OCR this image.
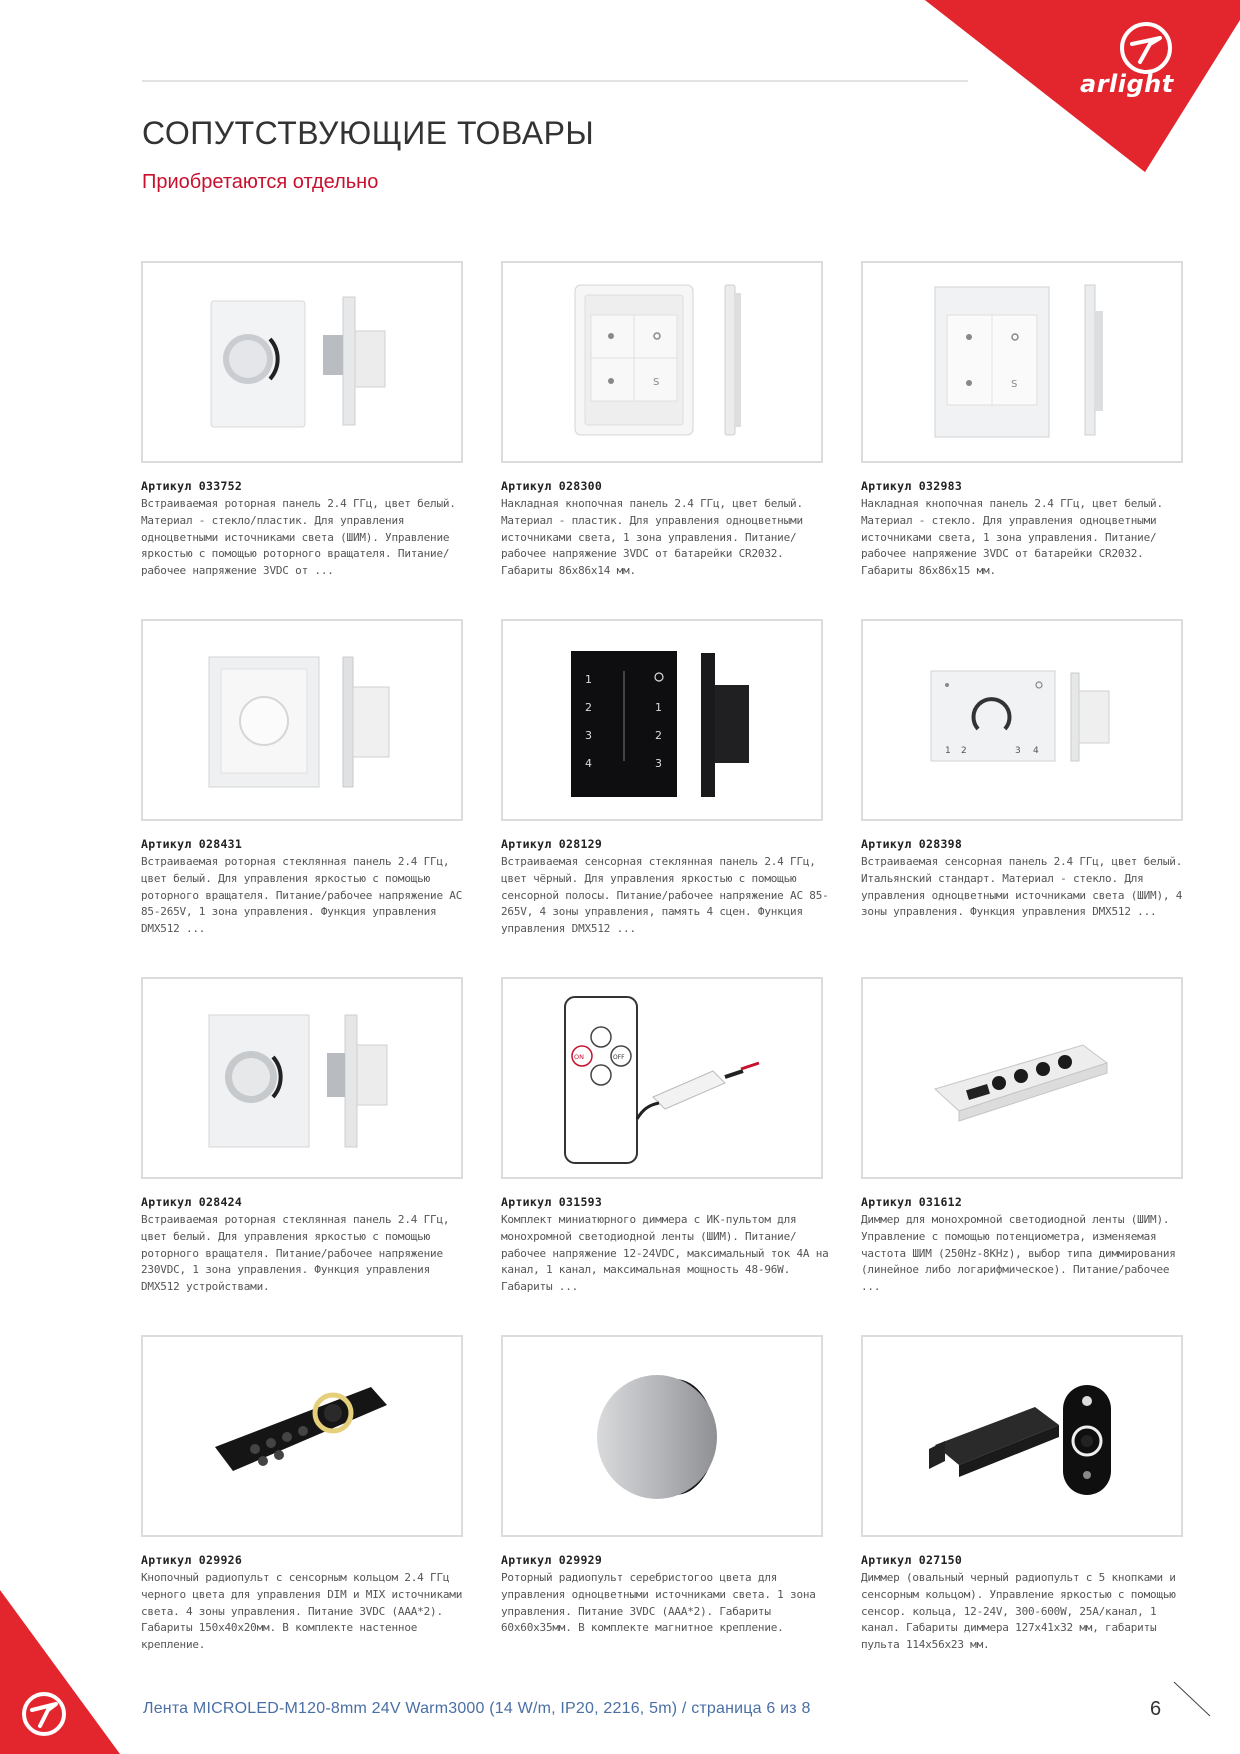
arlight
СОПУТСТВУЮЩИЕ ТОВАРЫ
Приобретаются отдельно
Артикул 033752
Встраиваемая роторная панель 2.4 ГГц, цвет белый. Материал - стекло/пластик. Для управления одноцветными источниками света (ШИМ). Управление яркостью с помощью роторного вращателя. Питание/рабочее напряжение 3VDC от ...
S
Артикул 028300
Накладная кнопочная панель 2.4 ГГц, цвет белый. Материал - пластик. Для управления одноцветными источниками света, 1 зона управления. Питание/рабочее напряжение 3VDC от батарейки CR2032. Габариты 86x86x14 мм.
S
Артикул 032983
Накладная кнопочная панель 2.4 ГГц, цвет белый. Материал - стекло. Для управления одноцветными источниками света, 1 зона управления. Питание/рабочее напряжение 3VDC от батарейки CR2032. Габариты 86x86x15 мм.
Артикул 028431
Встраиваемая роторная стеклянная панель 2.4 ГГц, цвет белый. Для управления яркостью с помощью роторного вращателя. Питание/рабочее напряжение AC 85-265V, 1 зона управления. Функция управления DMX512 ...
1
2
3
4
1
2
3
Артикул 028129
Встраиваемая сенсорная стеклянная панель 2.4 ГГц, цвет чёрный. Для управления яркостью с помощью сенсорной полосы. Питание/рабочее напряжение AC 85-265V, 4 зоны управления, память 4 сцен. Функция управления DMX512 ...
1 2	3 4
Артикул 028398
Встраиваемая сенсорная панель 2.4 ГГц, цвет белый. Итальянский стандарт. Материал - стекло. Для управления одноцветными источниками света (ШИМ), 4 зоны управления. Функция управления DMX512 ...
Артикул 028424
Встраиваемая роторная стеклянная панель 2.4 ГГц, цвет белый. Для управления яркостью с помощью роторного вращателя. Питание/рабочее напряжение 230VDC, 1 зона управления. Функция управления DMX512 устройствами.
ON	OFF
Артикул 031593
Комплект миниатюрного диммера с ИК-пультом для монохромной светодиодной ленты (ШИМ). Питание/рабочее напряжение 12-24VDC, максимальный ток 4A на канал, 1 канал, максимальная мощность 48-96W. Габариты ...
Артикул 031612
Диммер для монохромной светодиодной ленты (ШИМ). Управление с помощью потенциометра, изменяемая частота ШИМ (250Hz-8KHz), выбор типа диммирования (линейное либо логарифмическое). Питание/рабочее ...
Артикул 029926
Кнопочный радиопульт с сенсорным кольцом 2.4 ГГц черного цвета для управления DIM и MIX источниками света. 4 зоны управления. Питание 3VDC (AAA*2). Габариты 150x40x20мм. В комплекте настенное крепление.
Артикул 029929
Роторный радиопульт серебристогоо цвета для управления одноцветными источниками света. 1 зона управления. Питание 3VDC (AAA*2). Габариты 60x60x35мм. В комплекте магнитное крепление.
Артикул 027150
Диммер (овальный черный радиопульт с 5 кнопками и сенсорным кольцом). Управление яркостью с помощью сенсор. кольца, 12-24V, 300-600W, 25A/канал, 1 канал. Габариты диммера 127x41x32 мм, габариты пульта 114x56x23 мм.
Лента MICROLED-M120-8mm 24V Warm3000 (14 W/m, IP20, 2216, 5m) / страница 6 из 8	6
